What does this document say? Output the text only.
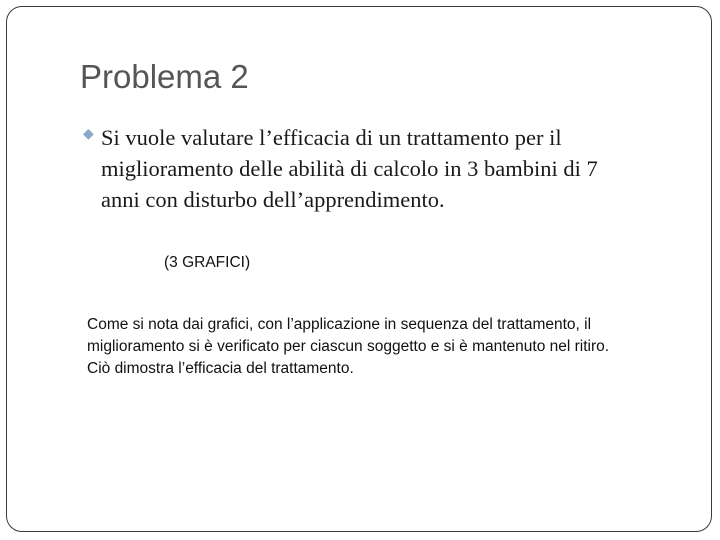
Problema 2
◆︎ Si vuole valutare l’efficacia di un trattamento per il
miglioramento delle abilità di calcolo in 3 bambini di 7
anni con disturbo dell’apprendimento.

(3 GRAFICI)
Come si nota dai grafici, con l’applicazione in sequenza del trattamento, il
miglioramento si è verificato per ciascun soggetto e si è mantenuto nel ritiro.
Ciò dimostra l’efficacia del trattamento.
